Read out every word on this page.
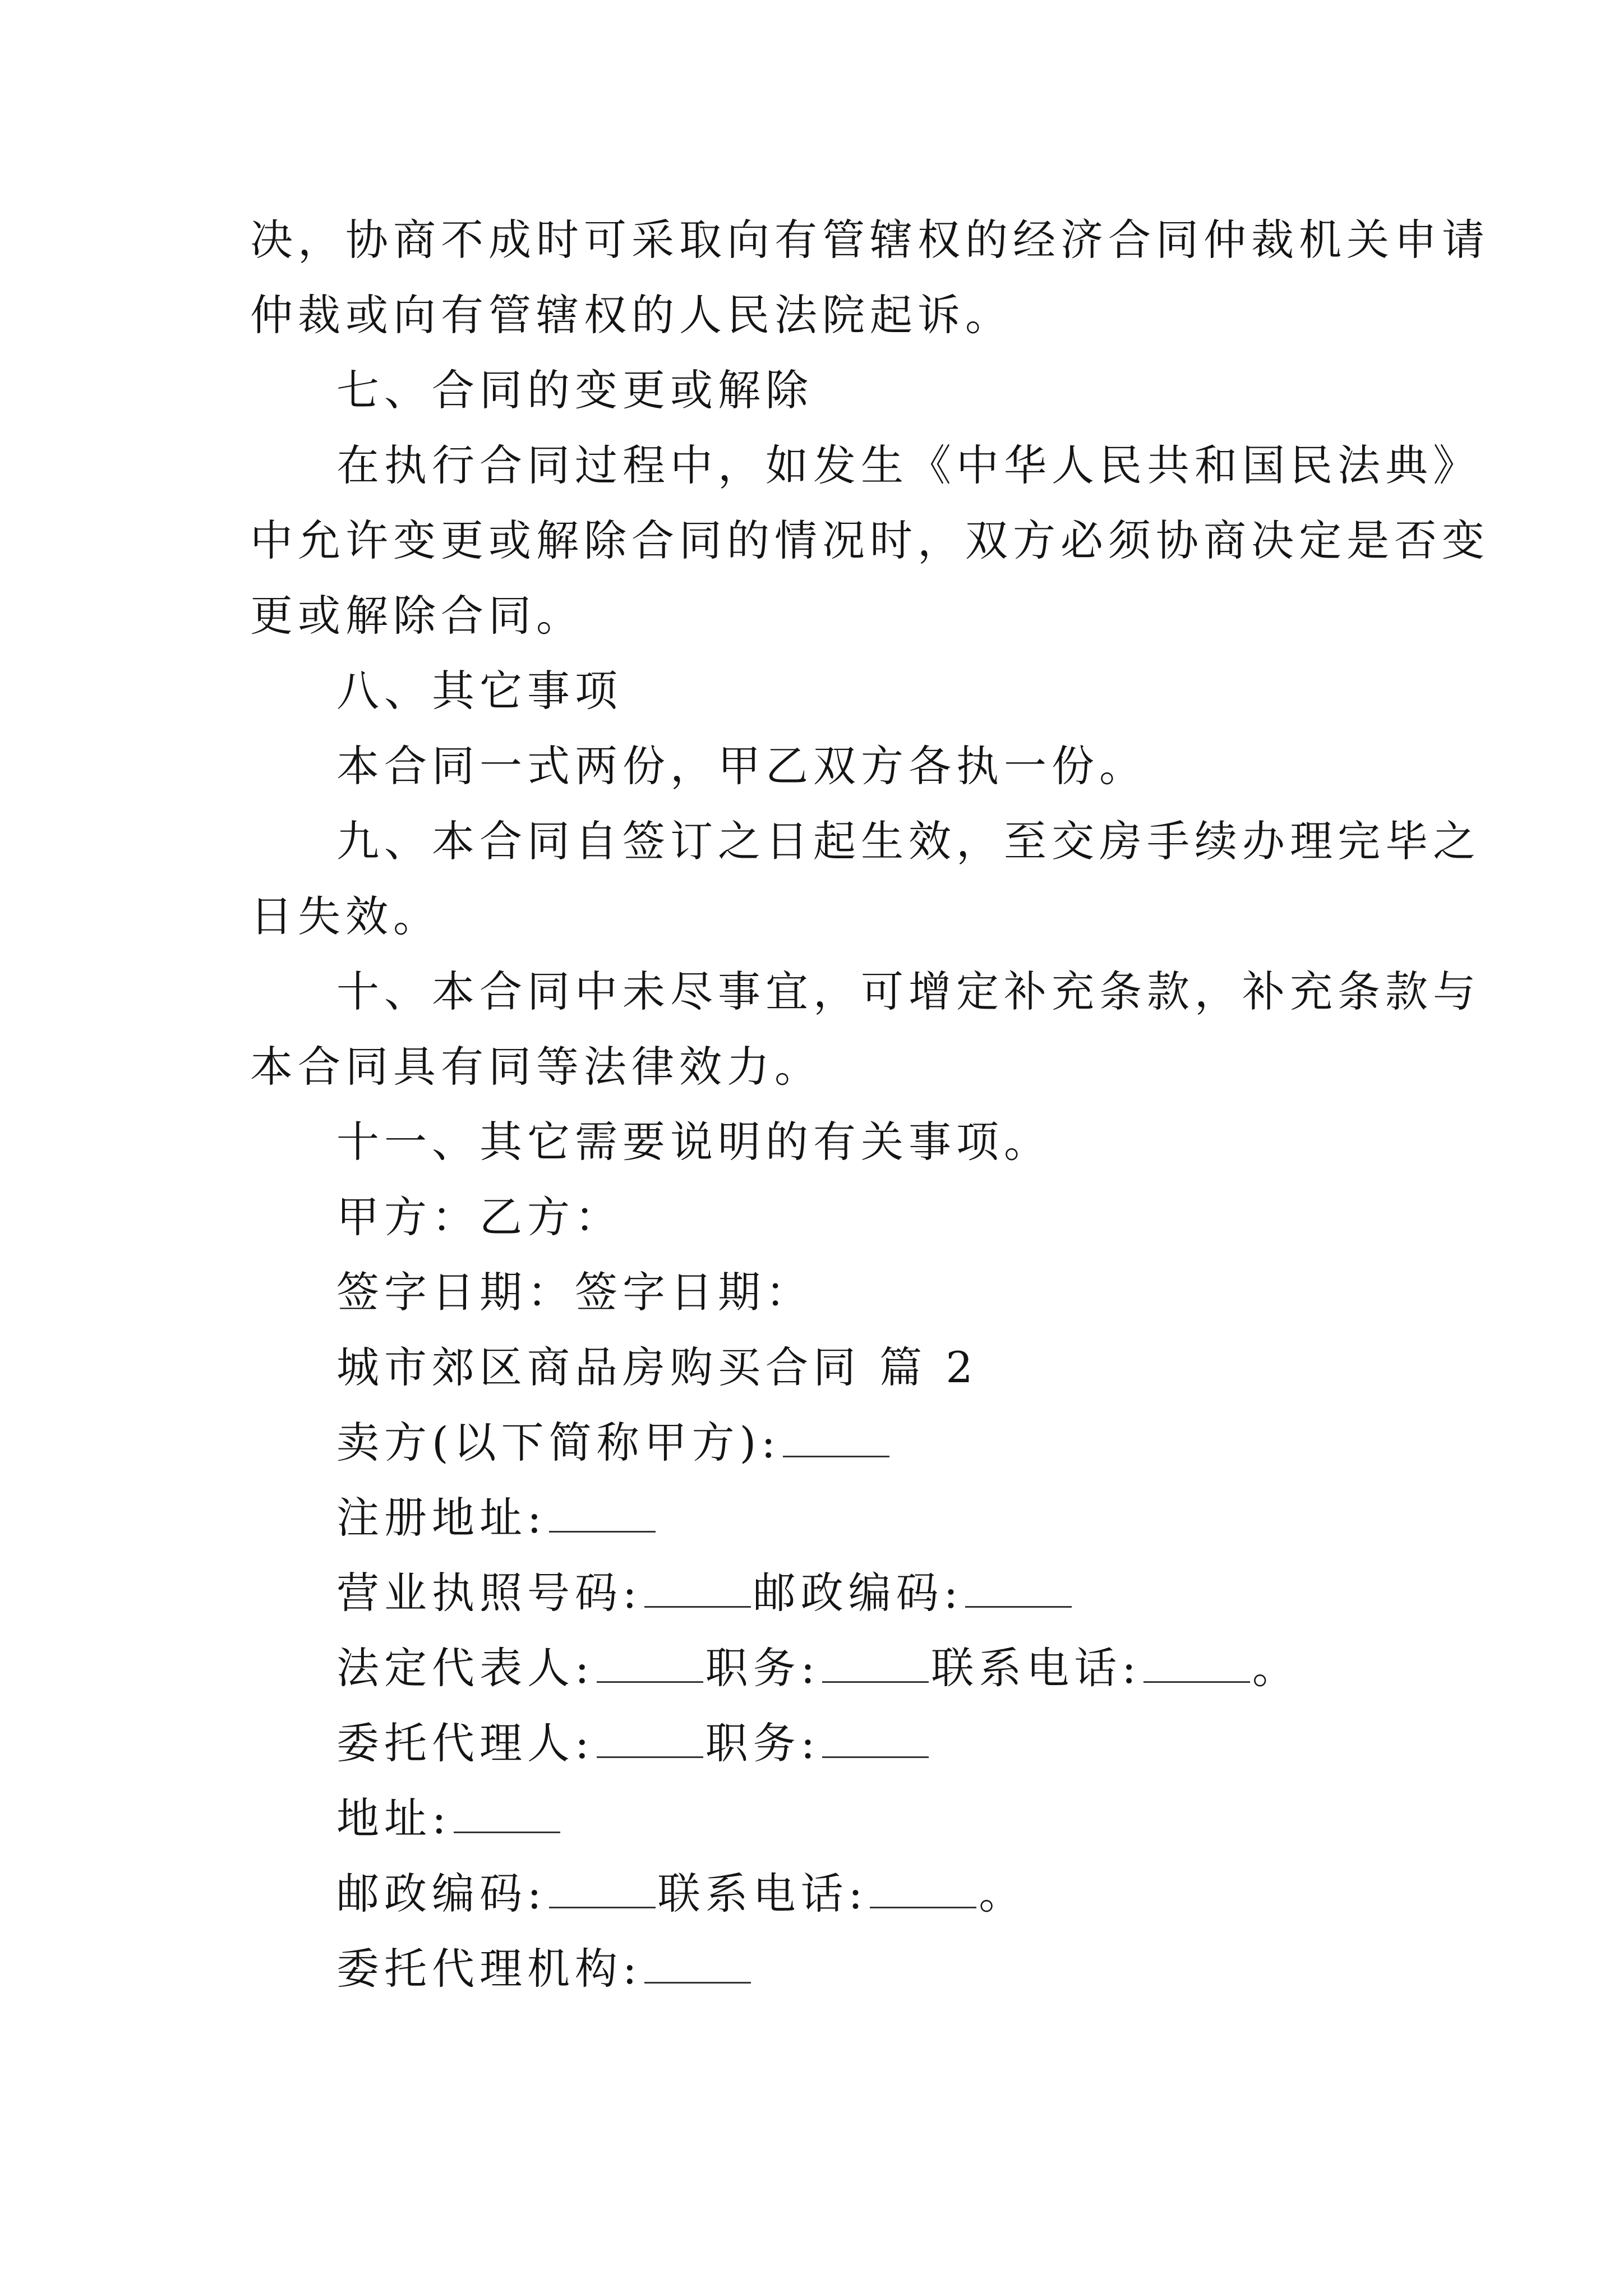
决，协商不成时可采取向有管辖权的经济合同仲裁机关申请
仲裁或向有管辖权的人民法院起诉。
七、合同的变更或解除
在执行合同过程中，如发生《中华人民共和国民法典》
中允许变更或解除合同的情况时，双方必须协商决定是否变
更或解除合同。
八、其它事项
本合同一式两份，甲乙双方各执一份。
九、本合同自签订之日起生效，至交房手续办理完毕之
日失效。
十、本合同中未尽事宜，可增定补充条款，补充条款与
本合同具有同等法律效力。
十一、其它需要说明的有关事项。
甲方：乙方：
签字日期：签字日期：
城市郊区商品房购买合同 篇 2
卖方(以下简称甲方):
注册地址:
营业执照号码:	邮政编码:
法定代表人:	职务:	联系电话:	。
委托代理人:	职务:
地址:
邮政编码:	联系电话:	。
委托代理机构:
